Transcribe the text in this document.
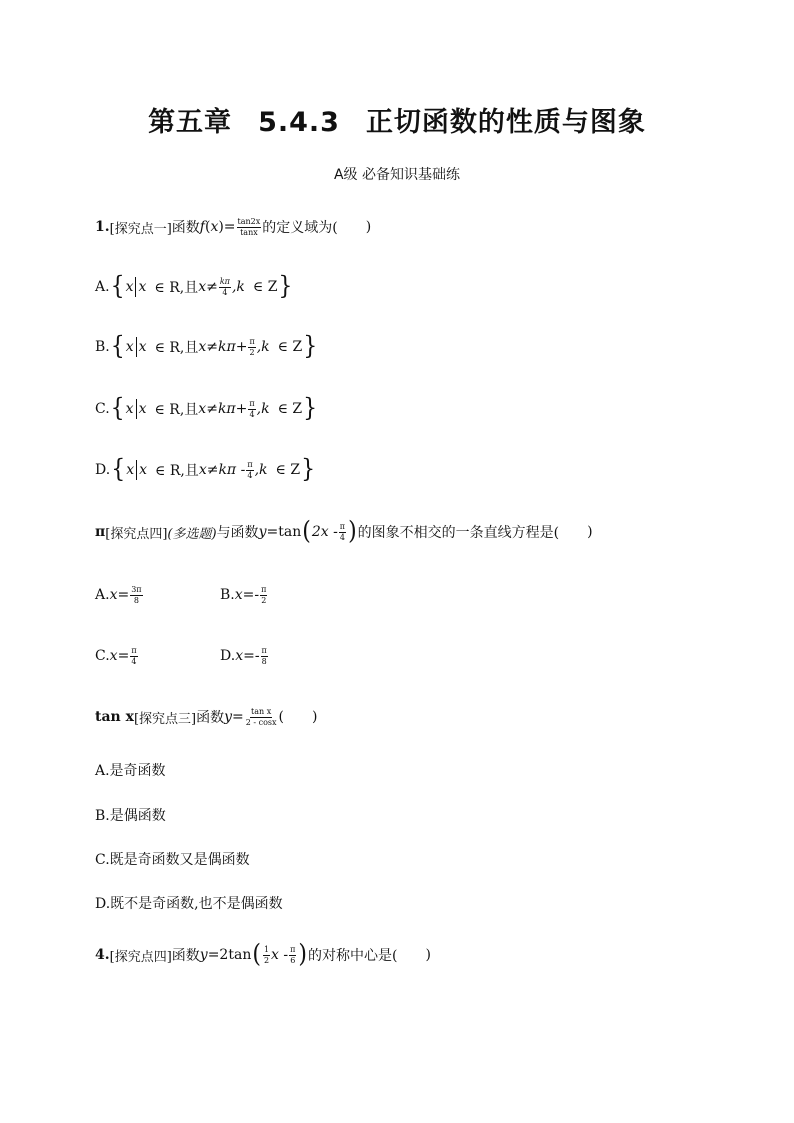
第五章 5.4.3 正切函数的性质与图象
A级 必备知识基础练
1. [探究点一] 函数 f ( x )= $\frac{\tan 2x}{\tan x}$ 的定义域为( )
A. { x x ∈ R,且 $x \ne \frac{k\pi}{4} ,k$ ∈ Z }
B. { x x ∈ R,且 $x \ne k\pi+ \frac{\pi}{2} ,k$ ∈ Z }
C. { x x ∈ R,且 $x \ne k\pi+ \frac{\pi}{4} ,k$ ∈ Z }
D. { x x ∈ R,且 $x \ne k\pi - \frac{\pi}{4} ,k$ ∈ Z }
π [探究点四] (多选题) 与函数 y =tan ( $2x - \frac{\pi}{4}$ ) 的图象不相交的一条直线方程是( )
A. $x= \frac{3\pi}{8}$	B. $x=- \frac{\pi}{2}$
C. $x= \frac{\pi}{4}$	D. $x=- \frac{\pi}{8}$
tan x [探究点三] 函数 $y = \frac{\text{tan x}}{2 - \cos x}$ ( )
A.是奇函数
B.是偶函数
C.既是奇函数又是偶函数
D.既不是奇函数,也不是偶函数
4. [探究点四] 函数 y =2tan ( $\frac{1}{2}$ x - $\frac{\pi}{6}$ ) 的对称中心是( )
